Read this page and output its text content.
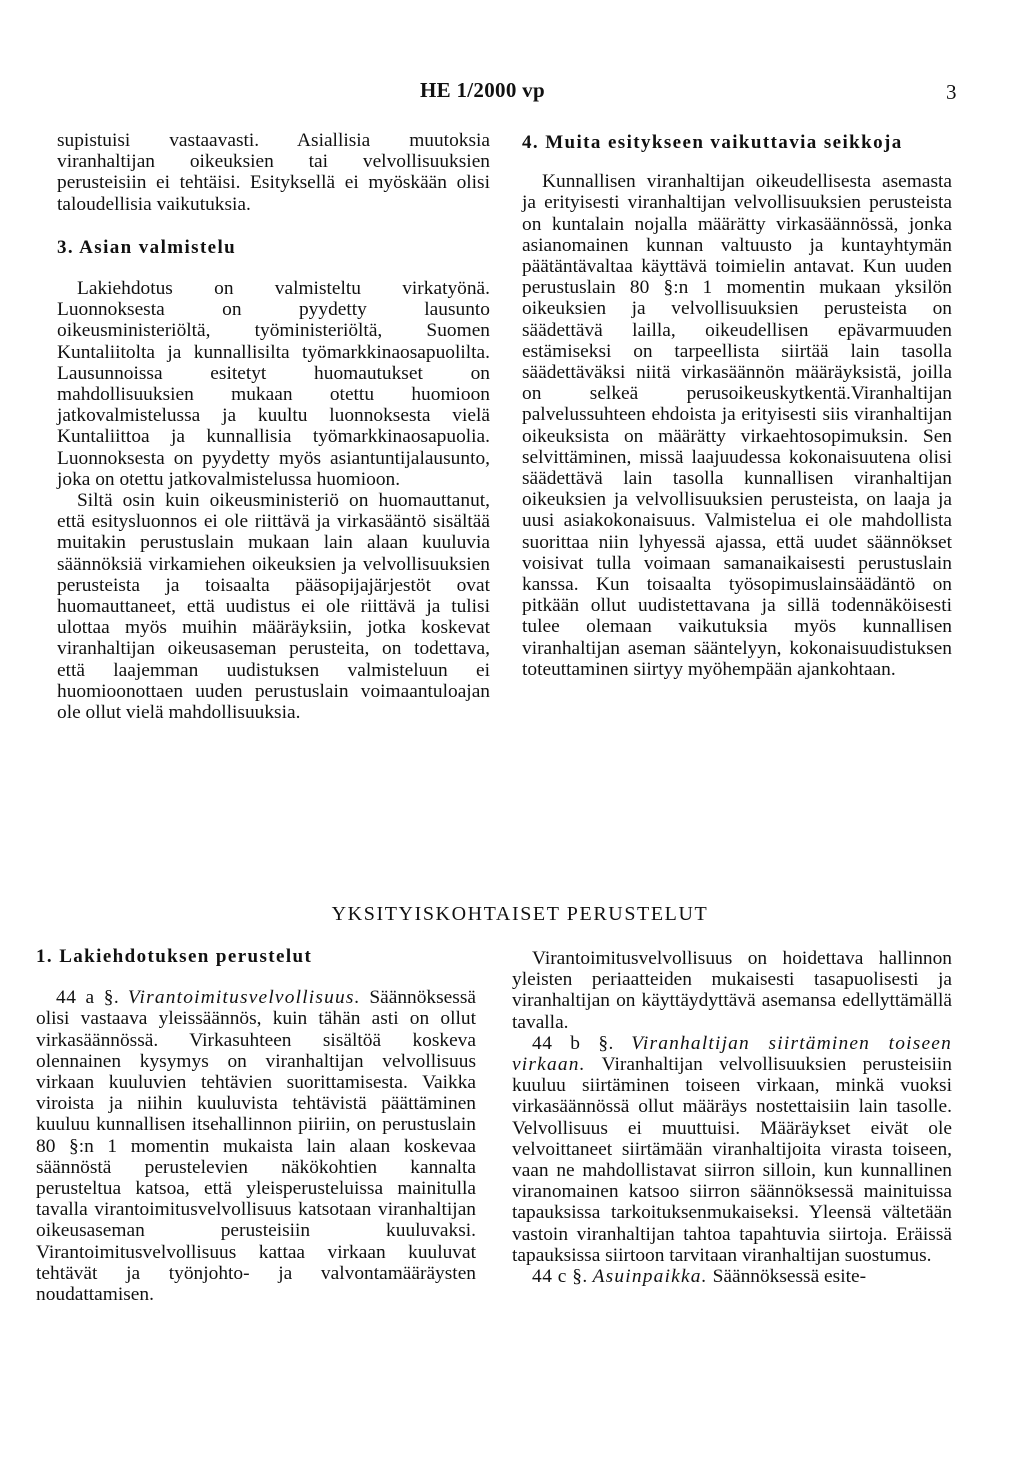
HE 1/2000 vp	3

supistuisi vastaavasti. Asiallisia muutoksia viranhaltijan oikeuksien tai velvollisuuksien perusteisiin ei tehtäisi. Esityksellä ei myöskään olisi taloudellisia vaikutuksia.

3. Asian valmistelu

Lakiehdotus on valmisteltu virkatyönä. Luonnoksesta on pyydetty lausunto oikeusministeriöltä, työministeriöltä, Suomen Kuntaliitolta ja kunnallisilta työmarkkinaosapuolilta. Lausunnoissa esitetyt huomautukset on mahdollisuuksien mukaan otettu huomioon jatkovalmistelussa ja kuultu luonnoksesta vielä Kuntaliittoa ja kunnallisia työmarkkinaosapuolia. Luonnoksesta on pyydetty myös asiantuntijalausunto, joka on otettu jatkovalmistelussa huomioon.

Siltä osin kuin oikeusministeriö on huomauttanut, että esitysluonnos ei ole riittävä ja virkasääntö sisältää muitakin perustuslain mukaan lain alaan kuuluvia säännöksiä virkamiehen oikeuksien ja velvollisuuksien perusteista ja toisaalta pääsopijajärjestöt ovat huomauttaneet, että uudistus ei ole riittävä ja tulisi ulottaa myös muihin määräyksiin, jotka koskevat viranhaltijan oikeusaseman perusteita, on todettava, että laajemman uudistuksen valmisteluun ei huomioonottaen uuden perustuslain voimaantuloajan ole ollut vielä mahdollisuuksia.

4. Muita esitykseen vaikuttavia seikkoja

Kunnallisen viranhaltijan oikeudellisesta asemasta ja erityisesti viranhaltijan velvollisuuksien perusteista on kuntalain nojalla määrätty virkasäännössä, jonka asianomainen kunnan valtuusto ja kuntayhtymän päätäntävaltaa käyttävä toimielin antavat. Kun uuden perustuslain 80 §:n 1 momentin mukaan yksilön oikeuksien ja velvollisuuksien perusteista on säädettävä lailla, oikeudellisen epävarmuuden estämiseksi on tarpeellista siirtää lain tasolla säädettäväksi niitä virkasäännön määräyksistä, joilla on selkeä perusoikeuskytkentä.Viranhaltijan palvelussuhteen ehdoista ja erityisesti siis viranhaltijan oikeuksista on määrätty virkaehtosopimuksin. Sen selvittäminen, missä laajuudessa kokonaisuutena olisi säädettävä lain tasolla kunnallisen viranhaltijan oikeuksien ja velvollisuuksien perusteista, on laaja ja uusi asiakokonaisuus. Valmistelua ei ole mahdollista suorittaa niin lyhyessä ajassa, että uudet säännökset voisivat tulla voimaan samanaikaisesti perustuslain kanssa. Kun toisaalta työsopimuslainsäädäntö on pitkään ollut uudistettavana ja sillä todennäköisesti tulee olemaan vaikutuksia myös kunnallisen viranhaltijan aseman sääntelyyn, kokonaisuudistuksen toteuttaminen siirtyy myöhempään ajankohtaan.

YKSITYISKOHTAISET PERUSTELUT
1. Lakiehdotuksen perustelut

44 a §. Virantoimitusvelvollisuus. Säännöksessä olisi vastaava yleissäännös, kuin tähän asti on ollut virkasäännössä. Virkasuhteen sisältöä koskeva olennainen kysymys on viranhaltijan velvollisuus virkaan kuuluvien tehtävien suorittamisesta. Vaikka viroista ja niihin kuuluvista tehtävistä päättäminen kuuluu kunnallisen itsehallinnon piiriin, on perustuslain 80 §:n 1 momentin mukaista lain alaan koskevaa säännöstä perustelevien näkökohtien kannalta perusteltua katsoa, että yleisperusteluissa mainitulla tavalla virantoimitusvelvollisuus katsotaan viranhaltijan oikeusaseman perusteisiin kuuluvaksi. Virantoimitusvelvollisuus kattaa virkaan kuuluvat tehtävät ja työnjohto- ja valvontamääräysten noudattamisen.

Virantoimitusvelvollisuus on hoidettava hallinnon yleisten periaatteiden mukaisesti tasapuolisesti ja viranhaltijan on käyttäydyttävä asemansa edellyttämällä tavalla.

44 b §. Viranhaltijan siirtäminen toiseen virkaan. Viranhaltijan velvollisuuksien perusteisiin kuuluu siirtäminen toiseen virkaan, minkä vuoksi virkasäännössä ollut määräys nostettaisiin lain tasolle. Velvollisuus ei muuttuisi. Määräykset eivät ole velvoittaneet siirtämään viranhaltijoita virasta toiseen, vaan ne mahdollistavat siirron silloin, kun kunnallinen viranomainen katsoo siirron säännöksessä mainituissa tapauksissa tarkoituksenmukaiseksi. Yleensä vältetään vastoin viranhaltijan tahtoa tapahtuvia siirtoja. Eräissä tapauksissa siirtoon tarvitaan viranhaltijan suostumus.

44 c §. Asuinpaikka. Säännöksessä esite-
